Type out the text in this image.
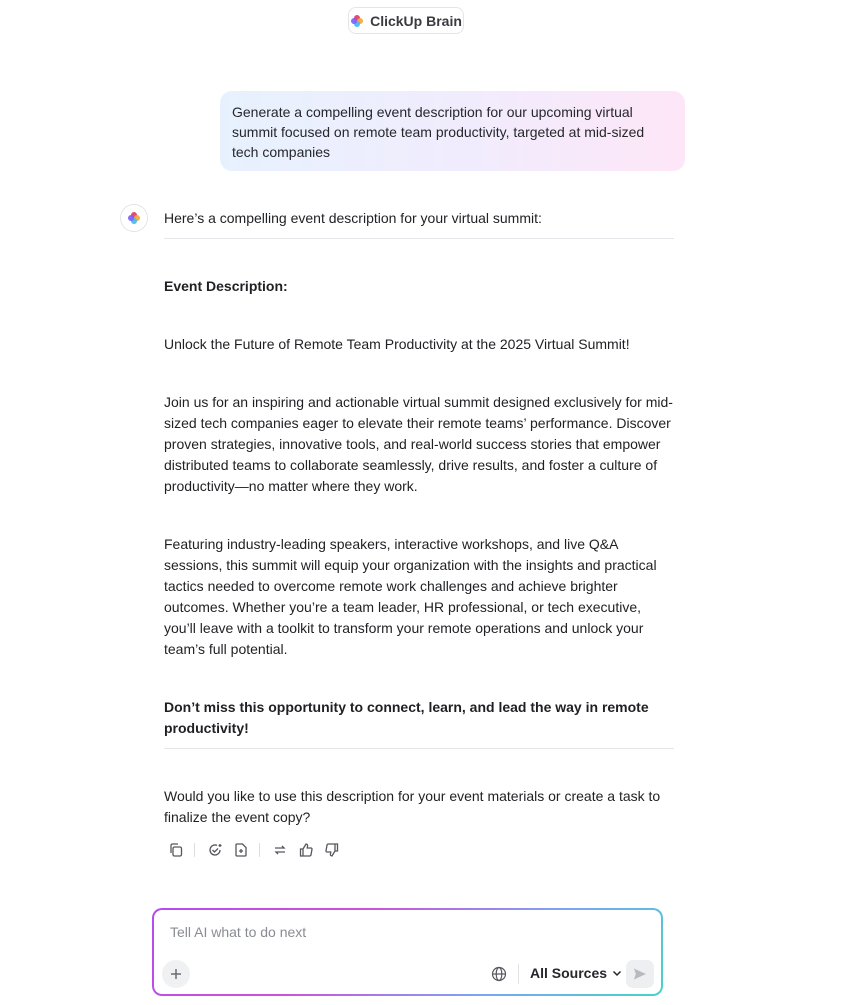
ClickUp Brain
Generate a compelling event description for our upcoming virtual summit focused on remote team productivity, targeted at mid-sized tech companies
Here’s a compelling event description for your virtual summit:
Event Description:
Unlock the Future of Remote Team Productivity at the 2025 Virtual Summit!
Join us for an inspiring and actionable virtual summit designed exclusively for mid-sized tech companies eager to elevate their remote teams’ performance. Discover proven strategies, innovative tools, and real-world success stories that empower distributed teams to collaborate seamlessly, drive results, and foster a culture of productivity—no matter where they work.
Featuring industry-leading speakers, interactive workshops, and live Q&A sessions, this summit will equip your organization with the insights and practical tactics needed to overcome remote work challenges and achieve brighter outcomes. Whether you’re a team leader, HR professional, or tech executive, you’ll leave with a toolkit to transform your remote operations and unlock your team’s full potential.
Don’t miss this opportunity to connect, learn, and lead the way in remote productivity!
Would you like to use this description for your event materials or create a task to finalize the event copy?
Tell AI what to do next
All Sources
